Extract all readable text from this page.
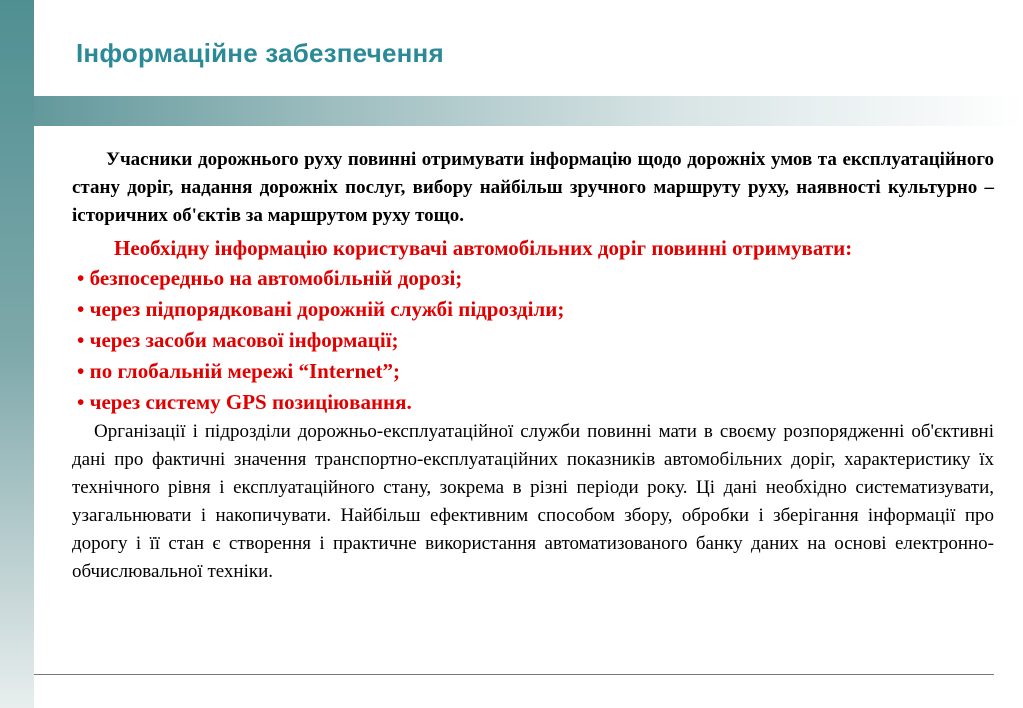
Інформаційне забезпечення

Учасники дорожнього руху повинні отримувати інформацію щодо дорожніх умов та експлуатаційного стану доріг, надання дорожніх послуг, вибору найбільш зручного маршруту руху, наявності культурно – історичних об'єктів за маршрутом руху тощо.

Необхідну інформацію користувачі автомобільних доріг повинні отримувати:

• безпосередньо на автомобільній дорозі;
• через підпорядковані дорожній службі підрозділи;
• через засоби масової інформації;
• по глобальній мережі “Internet”;
• через систему GPS позиціювання.

Організації і підрозділи дорожньо-експлуатаційної служби повинні мати в своєму розпорядженні об'єктивні дані про фактичні значення транспортно-експлуатаційних показників автомобільних доріг, характеристику їх технічного рівня і експлуатаційного стану, зокрема в різні періоди року. Ці дані необхідно систематизувати, узагальнювати і накопичувати. Найбільш ефективним способом збору, обробки і зберігання інформації про дорогу і її стан є створення і практичне використання автоматизованого банку даних на основі електронно-обчислювальної техніки.
